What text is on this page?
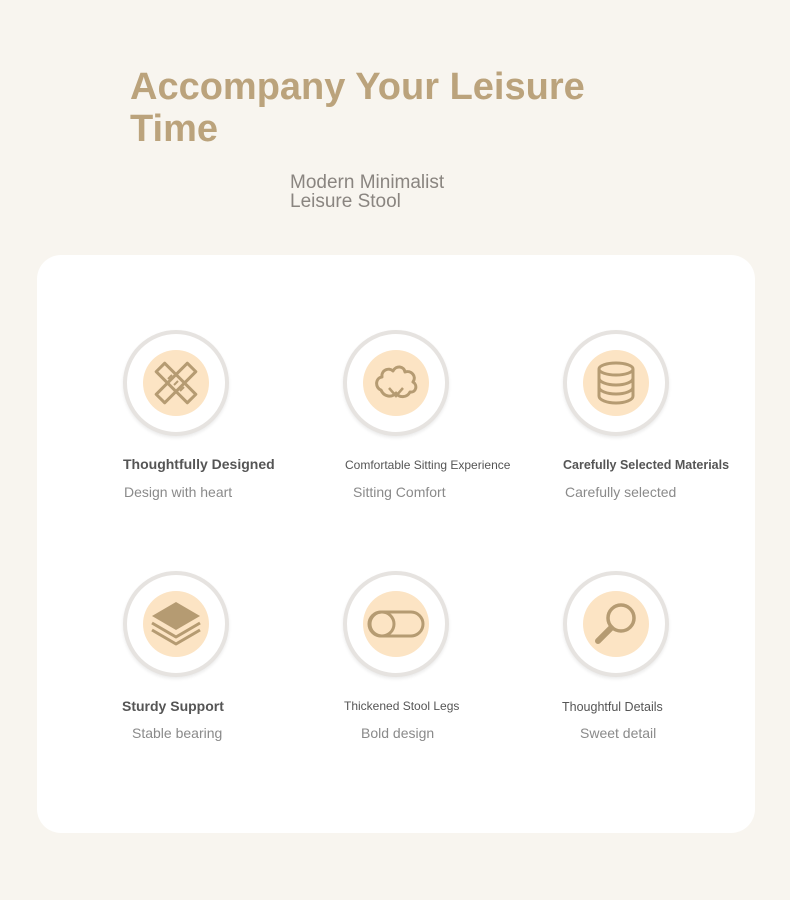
Accompany Your Leisure Time
Modern Minimalist
Leisure Stool
Thoughtfully Designed
Design with heart
Comfortable Sitting Experience
Sitting Comfort
Carefully Selected Materials
Carefully selected
Sturdy Support
Stable bearing
Thickened Stool Legs
Bold design
Thoughtful Details
Sweet detail
